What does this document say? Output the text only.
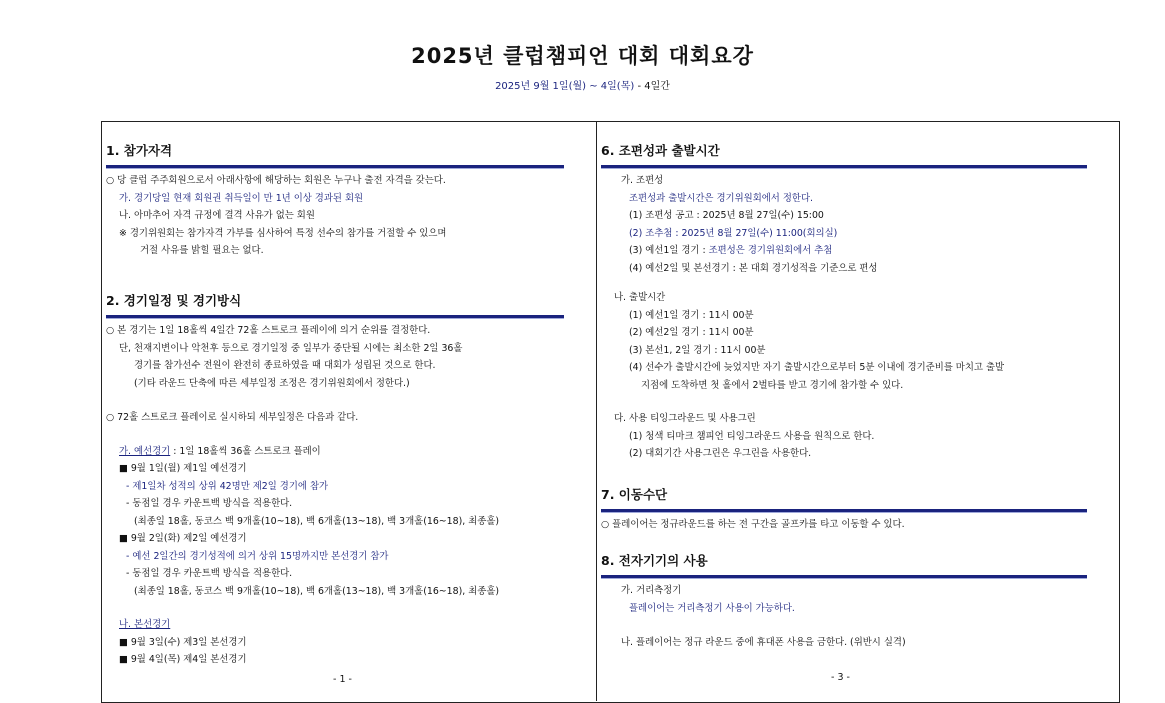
2025년 클럽챔피언 대회 대회요강
2025년 9월 1일(월) ~ 4일(목) - 4일간
1. 참가자격
○ 당 클럽 주주회원으로서 아래사항에 해당하는 회원은 누구나 출전 자격을 갖는다.
가. 경기당일 현재 회원권 취득일이 만 1년 이상 경과된 회원
나. 아마추어 자격 규정에 결격 사유가 없는 회원
※ 경기위원회는 참가자격 가부를 심사하여 특정 선수의 참가를 거절할 수 있으며
거절 사유를 밝힐 필요는 없다.
2. 경기일정 및 경기방식
○ 본 경기는 1일 18홀씩 4일간 72홀 스트로크 플레이에 의거 순위를 결정한다.
단, 천재지변이나 악천후 등으로 경기일정 중 일부가 중단될 시에는 최소한 2일 36홀
경기를 참가선수 전원이 완전히 종료하였을 때 대회가 성립된 것으로 한다.
(기타 라운드 단축에 따른 세부일정 조정은 경기위원회에서 정한다.)
○ 72홀 스트로크 플레이로 실시하되 세부일정은 다음과 같다.
가. 예선경기 : 1일 18홀씩 36홀 스트로크 플레이
■ 9월 1일(월) 제1일 예선경기
- 제1일차 성적의 상위 42명만 제2일 경기에 참가
- 동점일 경우 카운트백 방식을 적용한다.
(최종일 18홀, 동코스 백 9개홀(10~18), 백 6개홀(13~18), 백 3개홀(16~18), 최종홀)
■ 9월 2일(화) 제2일 예선경기
- 예선 2일간의 경기성적에 의거 상위 15명까지만 본선경기 참가
- 동점일 경우 카운트백 방식을 적용한다.
(최종일 18홀, 동코스 백 9개홀(10~18), 백 6개홀(13~18), 백 3개홀(16~18), 최종홀)
나. 본선경기
■ 9월 3일(수) 제3일 본선경기
■ 9월 4일(목) 제4일 본선경기
- 1 -
6. 조편성과 출발시간
가. 조편성
조편성과 출발시간은 경기위원회에서 정한다.
(1) 조편성 공고 : 2025년 8월 27일(수) 15:00
(2) 조추첨 : 2025년 8월 27일(수) 11:00(회의실)
(3) 예선1일 경기 : 조편성은 경기위원회에서 추첨
(4) 예선2일 및 본선경기 : 본 대회 경기성적을 기준으로 편성
나. 출발시간
(1) 예선1일 경기 : 11시 00분
(2) 예선2일 경기 : 11시 00분
(3) 본선1, 2일 경기 : 11시 00분
(4) 선수가 출발시간에 늦었지만 자기 출발시간으로부터 5분 이내에 경기준비를 마치고 출발
지점에 도착하면 첫 홀에서 2벌타를 받고 경기에 참가할 수 있다.
다. 사용 티잉그라운드 및 사용그린
(1) 청색 티마크 챔피언 티잉그라운드 사용을 원칙으로 한다.
(2) 대회기간 사용그린은 우그린을 사용한다.
7. 이동수단
○ 플레이어는 정규라운드를 하는 전 구간을 골프카를 타고 이동할 수 있다.
8. 전자기기의 사용
가. 거리측정기
플레이어는 거리측정기 사용이 가능하다.
나. 플레이어는 정규 라운드 중에 휴대폰 사용을 금한다. (위반시 실격)
- 3 -
